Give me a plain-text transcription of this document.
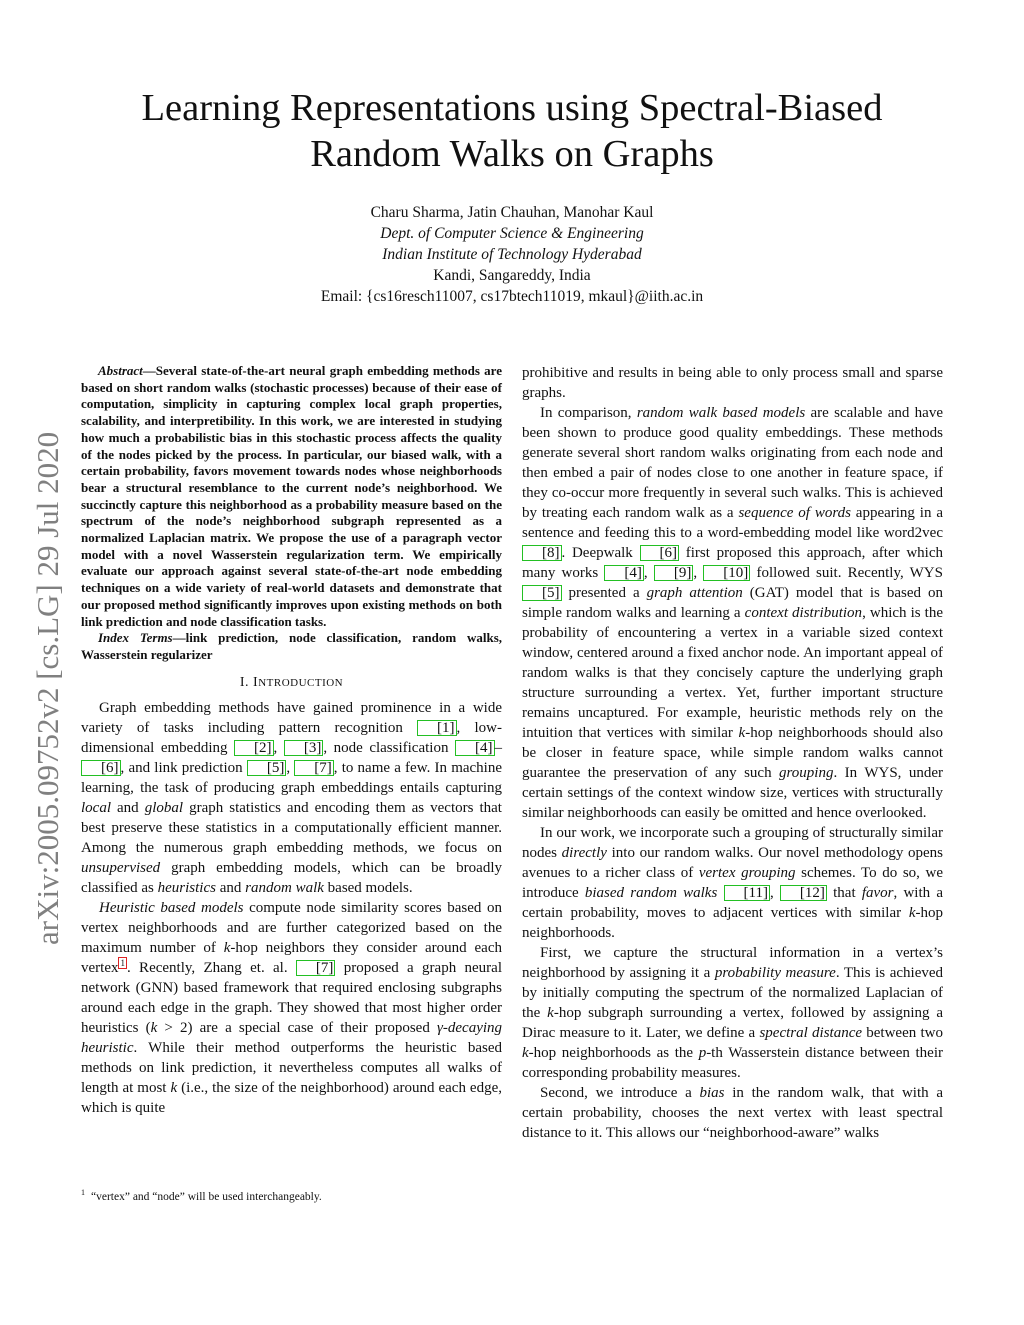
arXiv:2005.09752v2 [cs.LG] 29 Jul 2020
Learning Representations using Spectral-Biased
Random Walks on Graphs
Charu Sharma, Jatin Chauhan, Manohar Kaul
Dept. of Computer Science & Engineering
Indian Institute of Technology Hyderabad
Kandi, Sangareddy, India
Email: {cs16resch11007, cs17btech11019, mkaul}@iith.ac.in

Abstract—Several state-of-the-art neural graph embedding methods are based on short random walks (stochastic processes) because of their ease of computation, simplicity in capturing complex local graph properties, scalability, and interpretibility. In this work, we are interested in studying how much a probabilistic bias in this stochastic process affects the quality of the nodes picked by the process. In particular, our biased walk, with a certain probability, favors movement towards nodes whose neighborhoods bear a structural resemblance to the current node’s neighborhood. We succinctly capture this neighborhood as a probability measure based on the spectrum of the node’s neighborhood subgraph represented as a normalized Laplacian matrix. We propose the use of a paragraph vector model with a novel Wasserstein regularization term. We empirically evaluate our approach against several state-of-the-art node embedding techniques on a wide variety of real-world datasets and demonstrate that our proposed method significantly improves upon existing methods on both link prediction and node classification tasks.

Index Terms—link prediction, node classification, random walks, Wasserstein regularizer

I. INTRODUCTION

Graph embedding methods have gained prominence in a wide variety of tasks including pattern recognition [1] , low-dimensional embedding [2] , [3] , node classification [4] –[6] , and link prediction [5] , [7] , to name a few. In machine learning, the task of producing graph embeddings entails capturing local and global graph statistics and encoding them as vectors that best preserve these statistics in a computationally efficient manner. Among the numerous graph embedding methods, we focus on unsupervised graph embedding models, which can be broadly classified as heuristics and random walk based models.

Heuristic based models compute node similarity scores based on vertex neighborhoods and are further categorized based on the maximum number of k-hop neighbors they consider around each vertex $^1$ . Recently, Zhang et. al. [7] proposed a graph neural network (GNN) based framework that required enclosing subgraphs around each edge in the graph. They showed that most higher order heuristics (k > 2) are a special case of their proposed γ-decaying heuristic. While their method outperforms the heuristic based methods on link prediction, it nevertheless computes all walks of length at most k (i.e., the size of the neighborhood) around each edge, which is quite

$^1$ “vertex” and “node” will be used interchangeably.

prohibitive and results in being able to only process small and sparse graphs.

In comparison, random walk based models are scalable and have been shown to produce good quality embeddings. These methods generate several short random walks originating from each node and then embed a pair of nodes close to one another in feature space, if they co-occur more frequently in several such walks. This is achieved by treating each random walk as a sequence of words appearing in a sentence and feeding this to a word-embedding model like word2vec [8] . Deepwalk [6] first proposed this approach, after which many works [4] , [9] , [10] followed suit. Recently, WYS [5] presented a graph attention (GAT) model that is based on simple random walks and learning a context distribution, which is the probability of encountering a vertex in a variable sized context window, centered around a fixed anchor node. An important appeal of random walks is that they concisely capture the underlying graph structure surrounding a vertex. Yet, further important structure remains uncaptured. For example, heuristic methods rely on the intuition that vertices with similar k-hop neighborhoods should also be closer in feature space, while simple random walks cannot guarantee the preservation of any such grouping. In WYS, under certain settings of the context window size, vertices with structurally similar neighborhoods can easily be omitted and hence overlooked.

In our work, we incorporate such a grouping of structurally similar nodes directly into our random walks. Our novel methodology opens avenues to a richer class of vertex grouping schemes. To do so, we introduce biased random walks [11] , [12] that favor, with a certain probability, moves to adjacent vertices with similar k-hop neighborhoods.

First, we capture the structural information in a vertex’s neighborhood by assigning it a probability measure. This is achieved by initially computing the spectrum of the normalized Laplacian of the k-hop subgraph surrounding a vertex, followed by assigning a Dirac measure to it. Later, we define a spectral distance between two k-hop neighborhoods as the p-th Wasserstein distance between their corresponding probability measures.

Second, we introduce a bias in the random walk, that with a certain probability, chooses the next vertex with least spectral distance to it. This allows our “neighborhood-aware” walks
